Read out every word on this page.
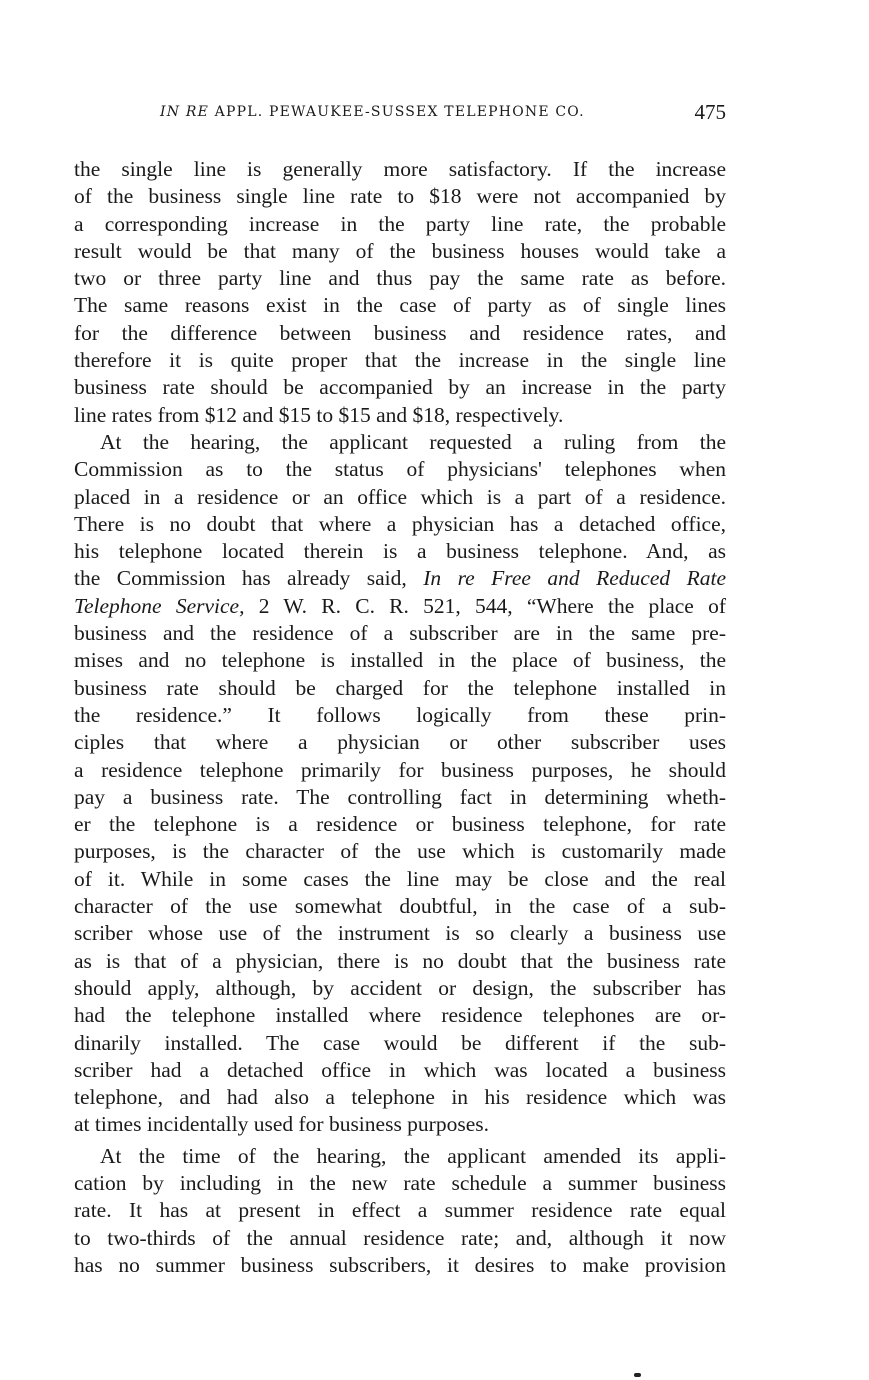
IN RE APPL. PEWAUKEE-SUSSEX TELEPHONE CO.	475
the single line is generally more satisfactory. If the increase
of the business single line rate to $18 were not accompanied by
a corresponding increase in the party line rate, the probable
result would be that many of the business houses would take a
two or three party line and thus pay the same rate as before.
The same reasons exist in the case of party as of single lines
for the difference between business and residence rates, and
therefore it is quite proper that the increase in the single line
business rate should be accompanied by an increase in the party
line rates from $12 and $15 to $15 and $18, respectively.
At the hearing, the applicant requested a ruling from the
Commission as to the status of physicians' telephones when
placed in a residence or an office which is a part of a residence.
There is no doubt that where a physician has a detached office,
his telephone located therein is a business telephone. And, as
the Commission has already said, In re Free and Reduced Rate
Telephone Service, 2 W. R. C. R. 521, 544, “Where the place of
business and the residence of a subscriber are in the same pre-
mises and no telephone is installed in the place of business, the
business rate should be charged for the telephone installed in
the residence.” It follows logically from these prin-
ciples that where a physician or other subscriber uses
a residence telephone primarily for business purposes, he should
pay a business rate. The controlling fact in determining wheth-
er the telephone is a residence or business telephone, for rate
purposes, is the character of the use which is customarily made
of it. While in some cases the line may be close and the real
character of the use somewhat doubtful, in the case of a sub-
scriber whose use of the instrument is so clearly a business use
as is that of a physician, there is no doubt that the business rate
should apply, although, by accident or design, the subscriber has
had the telephone installed where residence telephones are or-
dinarily installed. The case would be different if the sub-
scriber had a detached office in which was located a business
telephone, and had also a telephone in his residence which was
at times incidentally used for business purposes.
At the time of the hearing, the applicant amended its appli-
cation by including in the new rate schedule a summer business
rate. It has at present in effect a summer residence rate equal
to two-thirds of the annual residence rate; and, although it now
has no summer business subscribers, it desires to make provision
